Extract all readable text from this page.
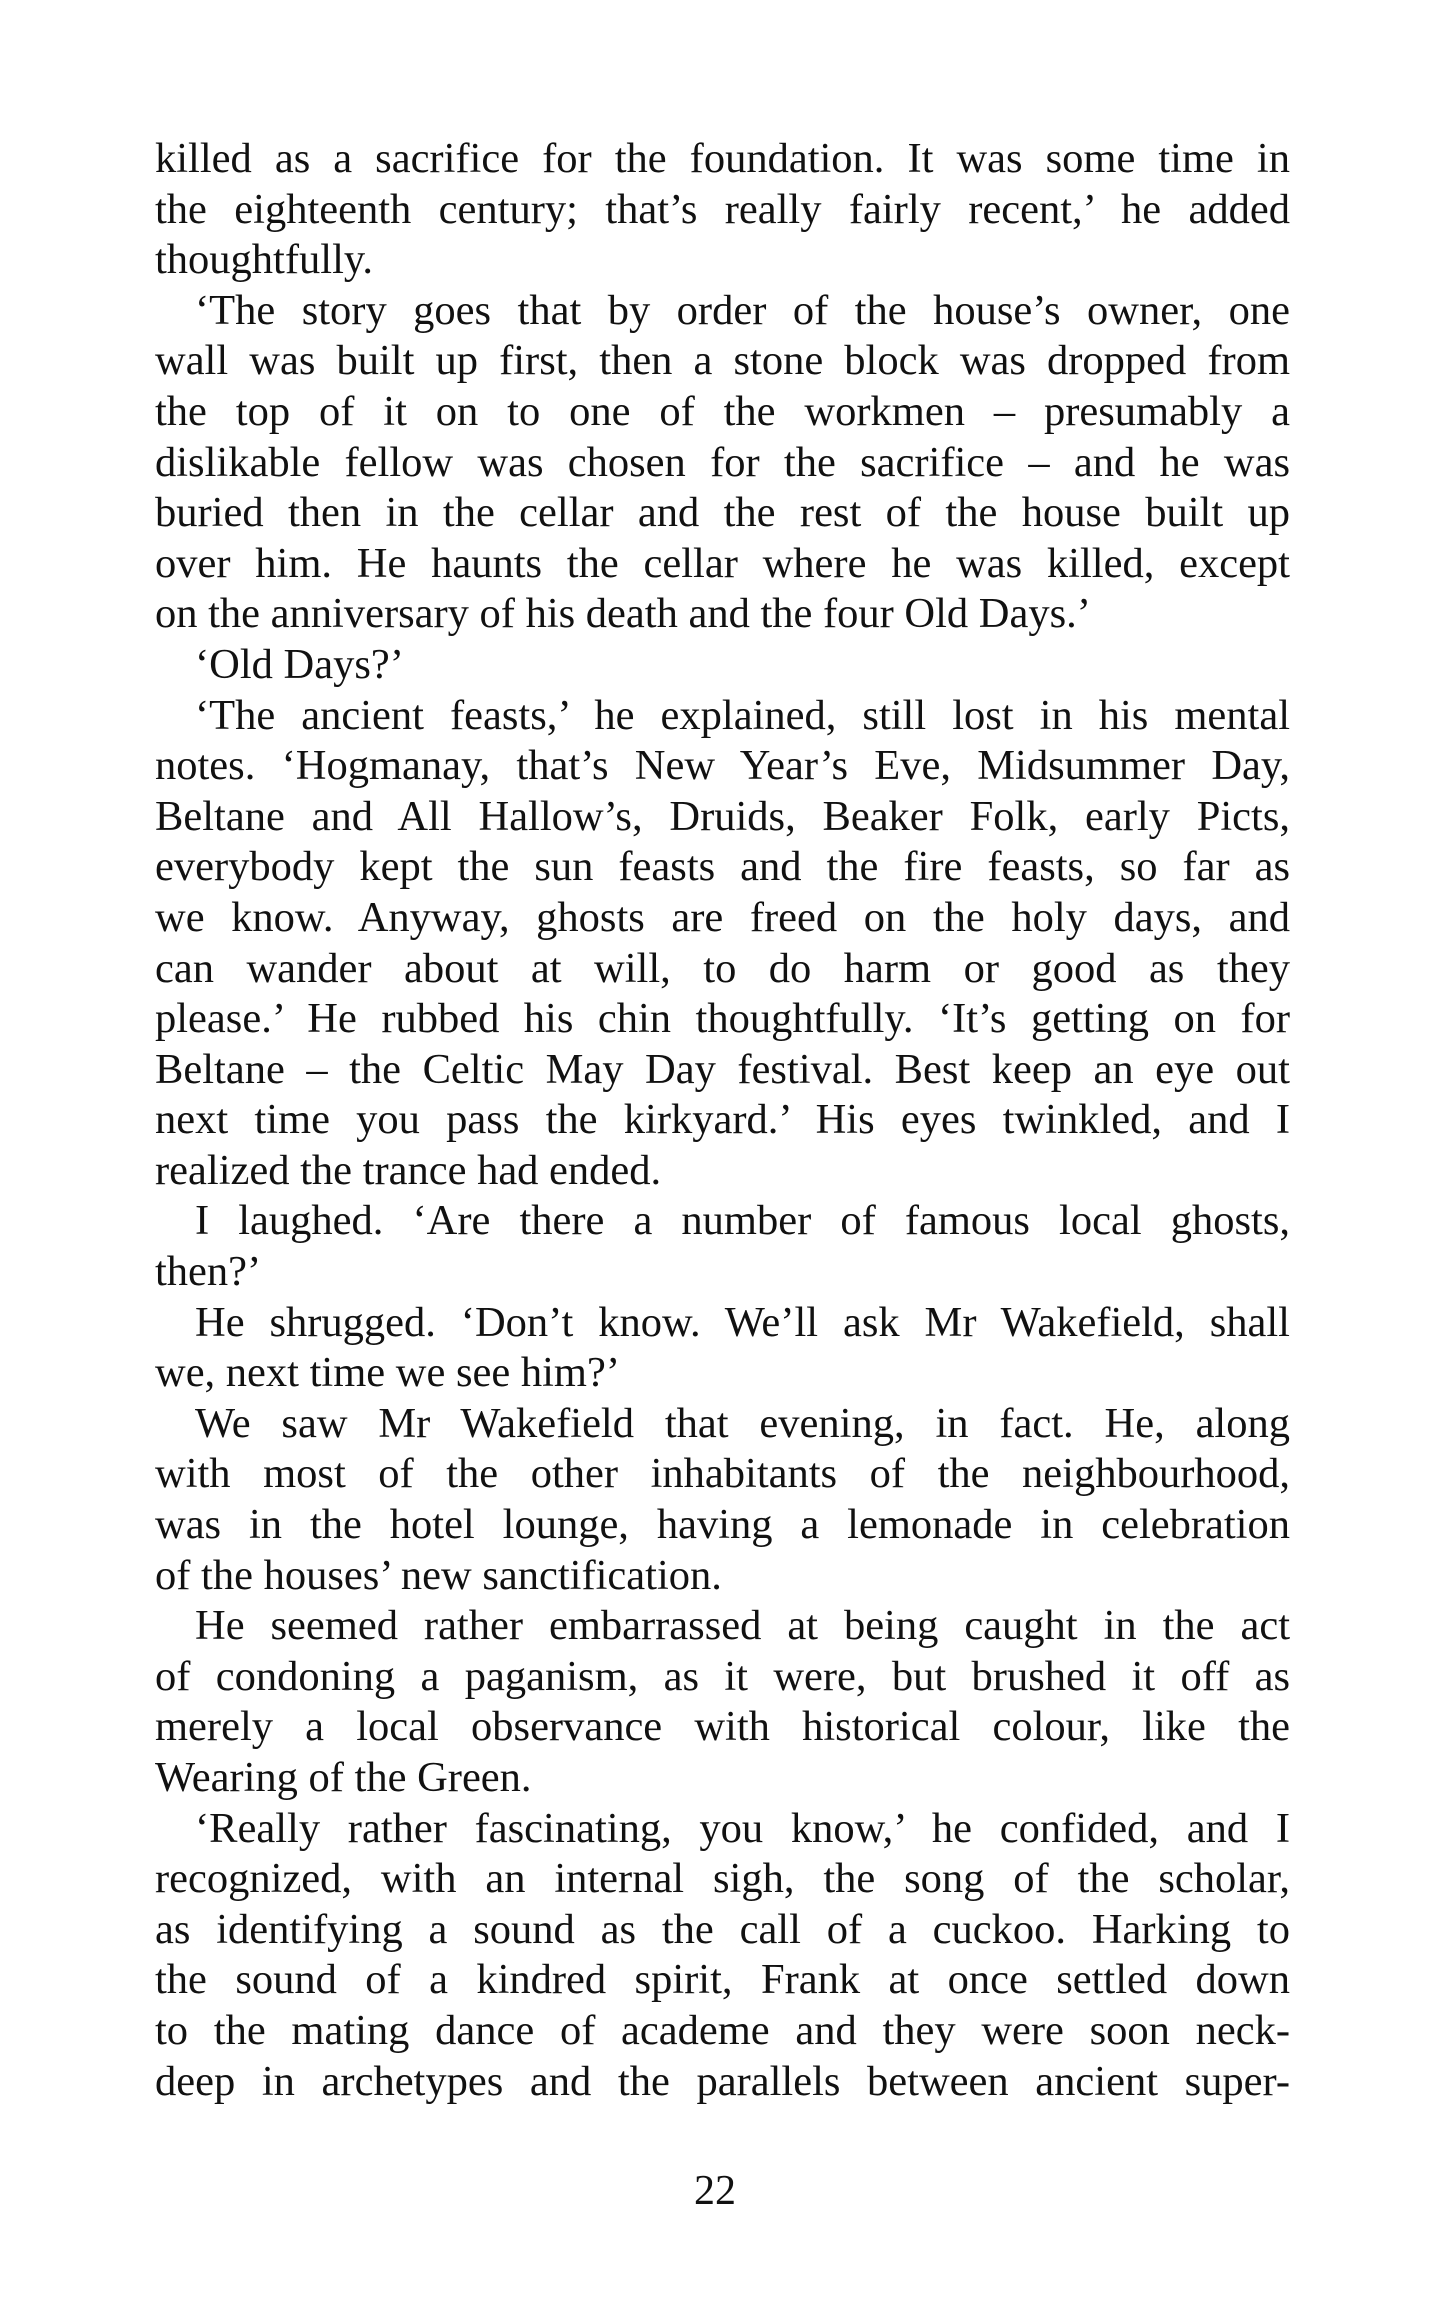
killed as a sacrifice for the foundation. It was some time in
the eighteenth century; that’s really fairly recent,’ he added
thoughtfully.
‘The story goes that by order of the house’s owner, one
wall was built up first, then a stone block was dropped from
the top of it on to one of the workmen – presumably a
dislikable fellow was chosen for the sacrifice – and he was
buried then in the cellar and the rest of the house built up
over him. He haunts the cellar where he was killed, except
on the anniversary of his death and the four Old Days.’
‘Old Days?’
‘The ancient feasts,’ he explained, still lost in his mental
notes. ‘Hogmanay, that’s New Year’s Eve, Midsummer Day,
Beltane and All Hallow’s, Druids, Beaker Folk, early Picts,
everybody kept the sun feasts and the fire feasts, so far as
we know. Anyway, ghosts are freed on the holy days, and
can wander about at will, to do harm or good as they
please.’ He rubbed his chin thoughtfully. ‘It’s getting on for
Beltane – the Celtic May Day festival. Best keep an eye out
next time you pass the kirkyard.’ His eyes twinkled, and I
realized the trance had ended.
I laughed. ‘Are there a number of famous local ghosts,
then?’
He shrugged. ‘Don’t know. We’ll ask Mr Wakefield, shall
we, next time we see him?’
We saw Mr Wakefield that evening, in fact. He, along
with most of the other inhabitants of the neighbourhood,
was in the hotel lounge, having a lemonade in celebration
of the houses’ new sanctification.
He seemed rather embarrassed at being caught in the act
of condoning a paganism, as it were, but brushed it off as
merely a local observance with historical colour, like the
Wearing of the Green.
‘Really rather fascinating, you know,’ he confided, and I
recognized, with an internal sigh, the song of the scholar,
as identifying a sound as the call of a cuckoo. Harking to
the sound of a kindred spirit, Frank at once settled down
to the mating dance of academe and they were soon neck-
deep in archetypes and the parallels between ancient super-
22
